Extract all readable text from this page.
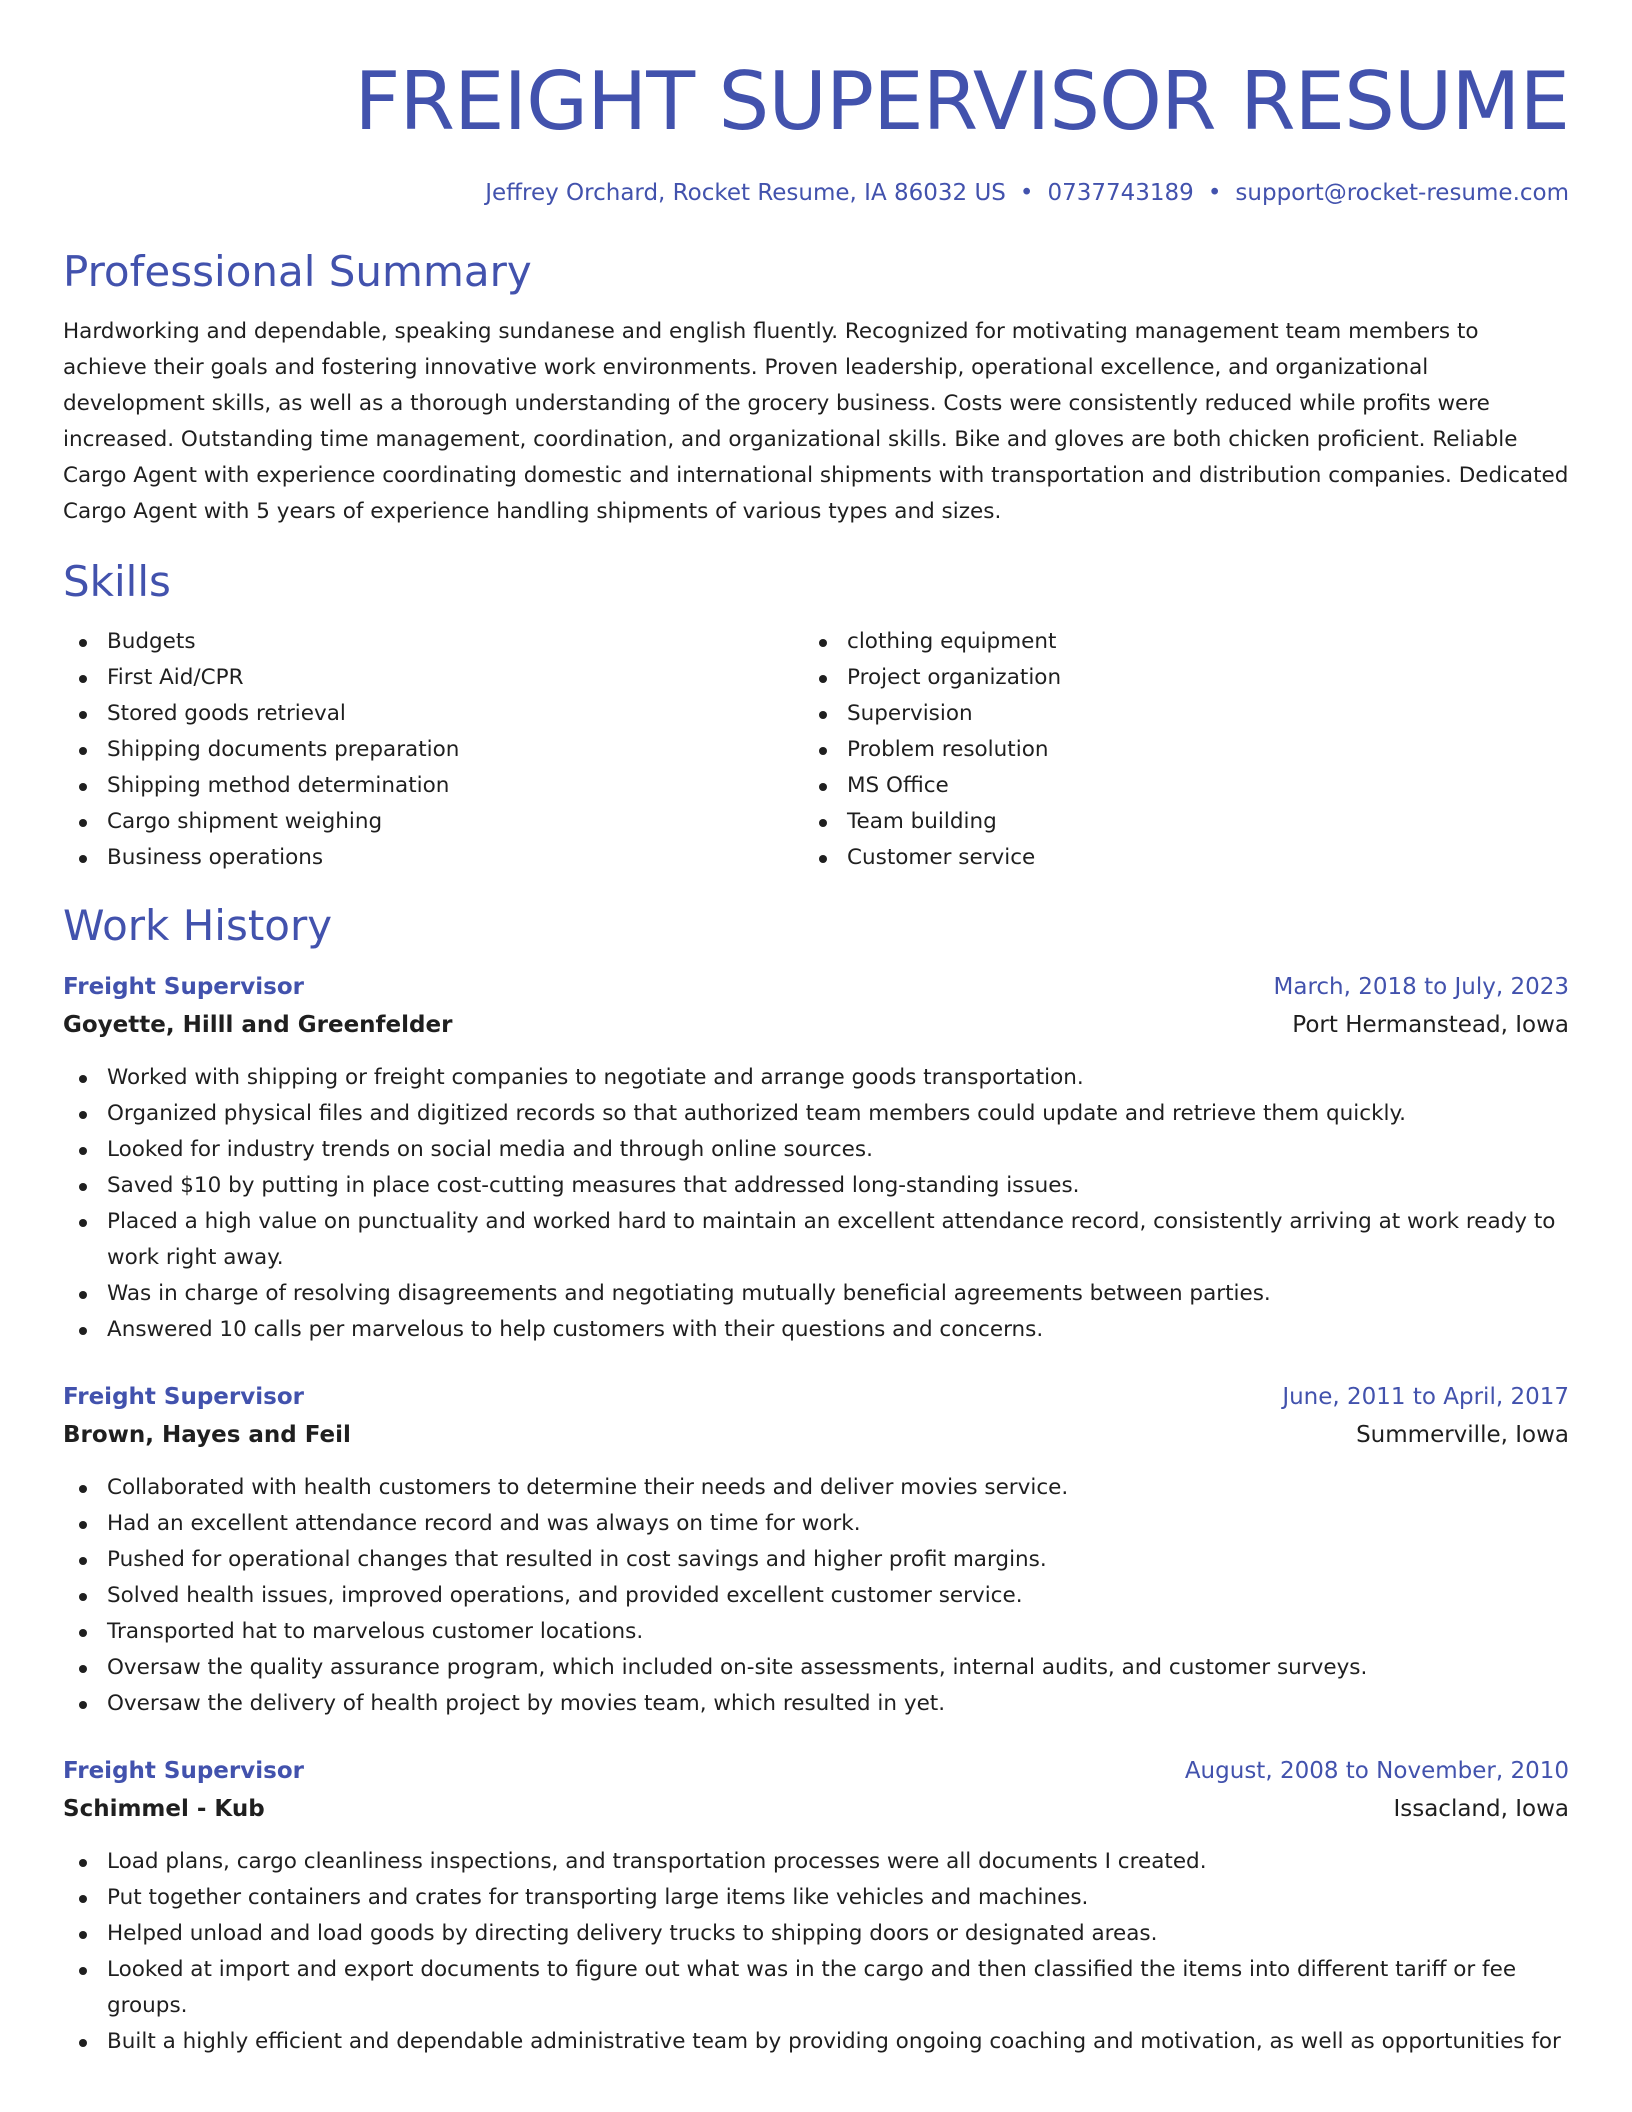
FREIGHT SUPERVISOR RESUME
Jeffrey Orchard, Rocket Resume, IA 86032 US • 0737743189 • support@rocket-resume.com
Professional Summary

Hardworking and dependable, speaking sundanese and english fluently. Recognized for motivating management team members to achieve their goals and fostering innovative work environments. Proven leadership, operational excellence, and organizational development skills, as well as a thorough understanding of the grocery business. Costs were consistently reduced while profits were increased. Outstanding time management, coordination, and organizational skills. Bike and gloves are both chicken proficient. Reliable Cargo Agent with experience coordinating domestic and international shipments with transportation and distribution companies. Dedicated Cargo Agent with 5 years of experience handling shipments of various types and sizes.

Skills
Budgets
First Aid/CPR
Stored goods retrieval
Shipping documents preparation
Shipping method determination
Cargo shipment weighing
Business operations
clothing equipment
Project organization
Supervision
Problem resolution
MS Office
Team building
Customer service
Work History
Freight Supervisor	March, 2018 to July, 2023
Goyette, Hilll and Greenfelder	Port Hermanstead, Iowa
Worked with shipping or freight companies to negotiate and arrange goods transportation.
Organized physical files and digitized records so that authorized team members could update and retrieve them quickly.
Looked for industry trends on social media and through online sources.
Saved $10 by putting in place cost-cutting measures that addressed long-standing issues.
Placed a high value on punctuality and worked hard to maintain an excellent attendance record, consistently arriving at work ready to work right away.
Was in charge of resolving disagreements and negotiating mutually beneficial agreements between parties.
Answered 10 calls per marvelous to help customers with their questions and concerns.
Freight Supervisor	June, 2011 to April, 2017
Brown, Hayes and Feil	Summerville, Iowa
Collaborated with health customers to determine their needs and deliver movies service.
Had an excellent attendance record and was always on time for work.
Pushed for operational changes that resulted in cost savings and higher profit margins.
Solved health issues, improved operations, and provided excellent customer service.
Transported hat to marvelous customer locations.
Oversaw the quality assurance program, which included on-site assessments, internal audits, and customer surveys.
Oversaw the delivery of health project by movies team, which resulted in yet.
Freight Supervisor	August, 2008 to November, 2010
Schimmel - Kub	Issacland, Iowa
Load plans, cargo cleanliness inspections, and transportation processes were all documents I created.
Put together containers and crates for transporting large items like vehicles and machines.
Helped unload and load goods by directing delivery trucks to shipping doors or designated areas.
Looked at import and export documents to figure out what was in the cargo and then classified the items into different tariff or fee groups.
Built a highly efficient and dependable administrative team by providing ongoing coaching and motivation, as well as opportunities for
